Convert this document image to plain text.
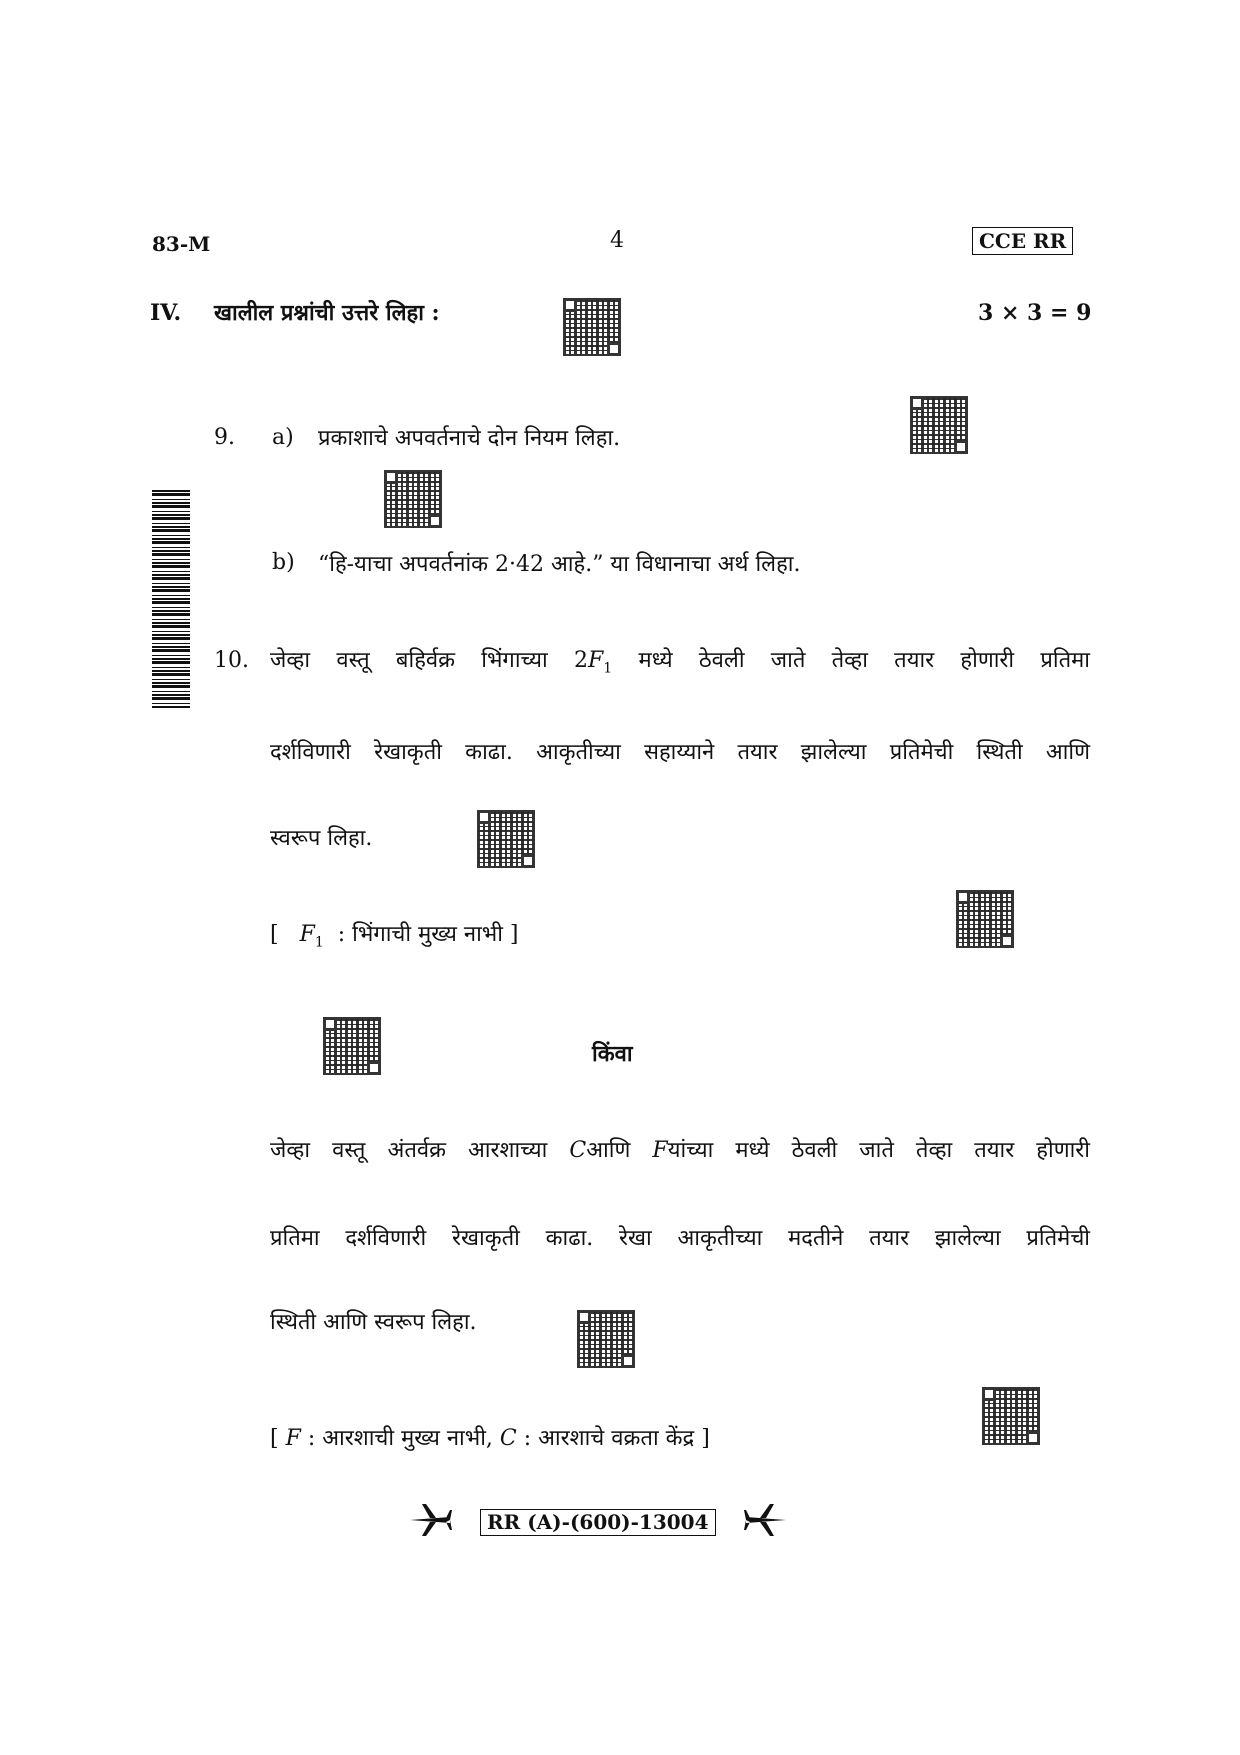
83-M	4	CCE RR
IV. खालील प्रश्नांची उत्तरे लिहा :	3 × 3 = 9
9. a) प्रकाशाचे अपवर्तनाचे दोन नियम लिहा.
b) “हि-याचा अपवर्तनांक 2·42 आहे.” या विधानाचा अर्थ लिहा.
10. जेव्हा वस्तू बहिर्वक्र भिंगाच्या $2F_1$ मध्ये ठेवली जाते तेव्हा तयार होणारी प्रतिमा
दर्शविणारी रेखाकृती काढा. आकृतीच्या सहाय्याने तयार झालेल्या प्रतिमेची स्थिती आणि
स्वरूप लिहा.
[ $F_1$ : भिंगाची मुख्य नाभी ]
किंवा
जेव्हा वस्तू अंतर्वक्र आरशाच्या Cआणि Fयांच्या मध्ये ठेवली जाते तेव्हा तयार होणारी
प्रतिमा दर्शविणारी रेखाकृती काढा. रेखा आकृतीच्या मदतीने तयार झालेल्या प्रतिमेची
स्थिती आणि स्वरूप लिहा.
[ F : आरशाची मुख्य नाभी, C : आरशाचे वक्रता केंद्र ]
RR (A)-(600)-13004
